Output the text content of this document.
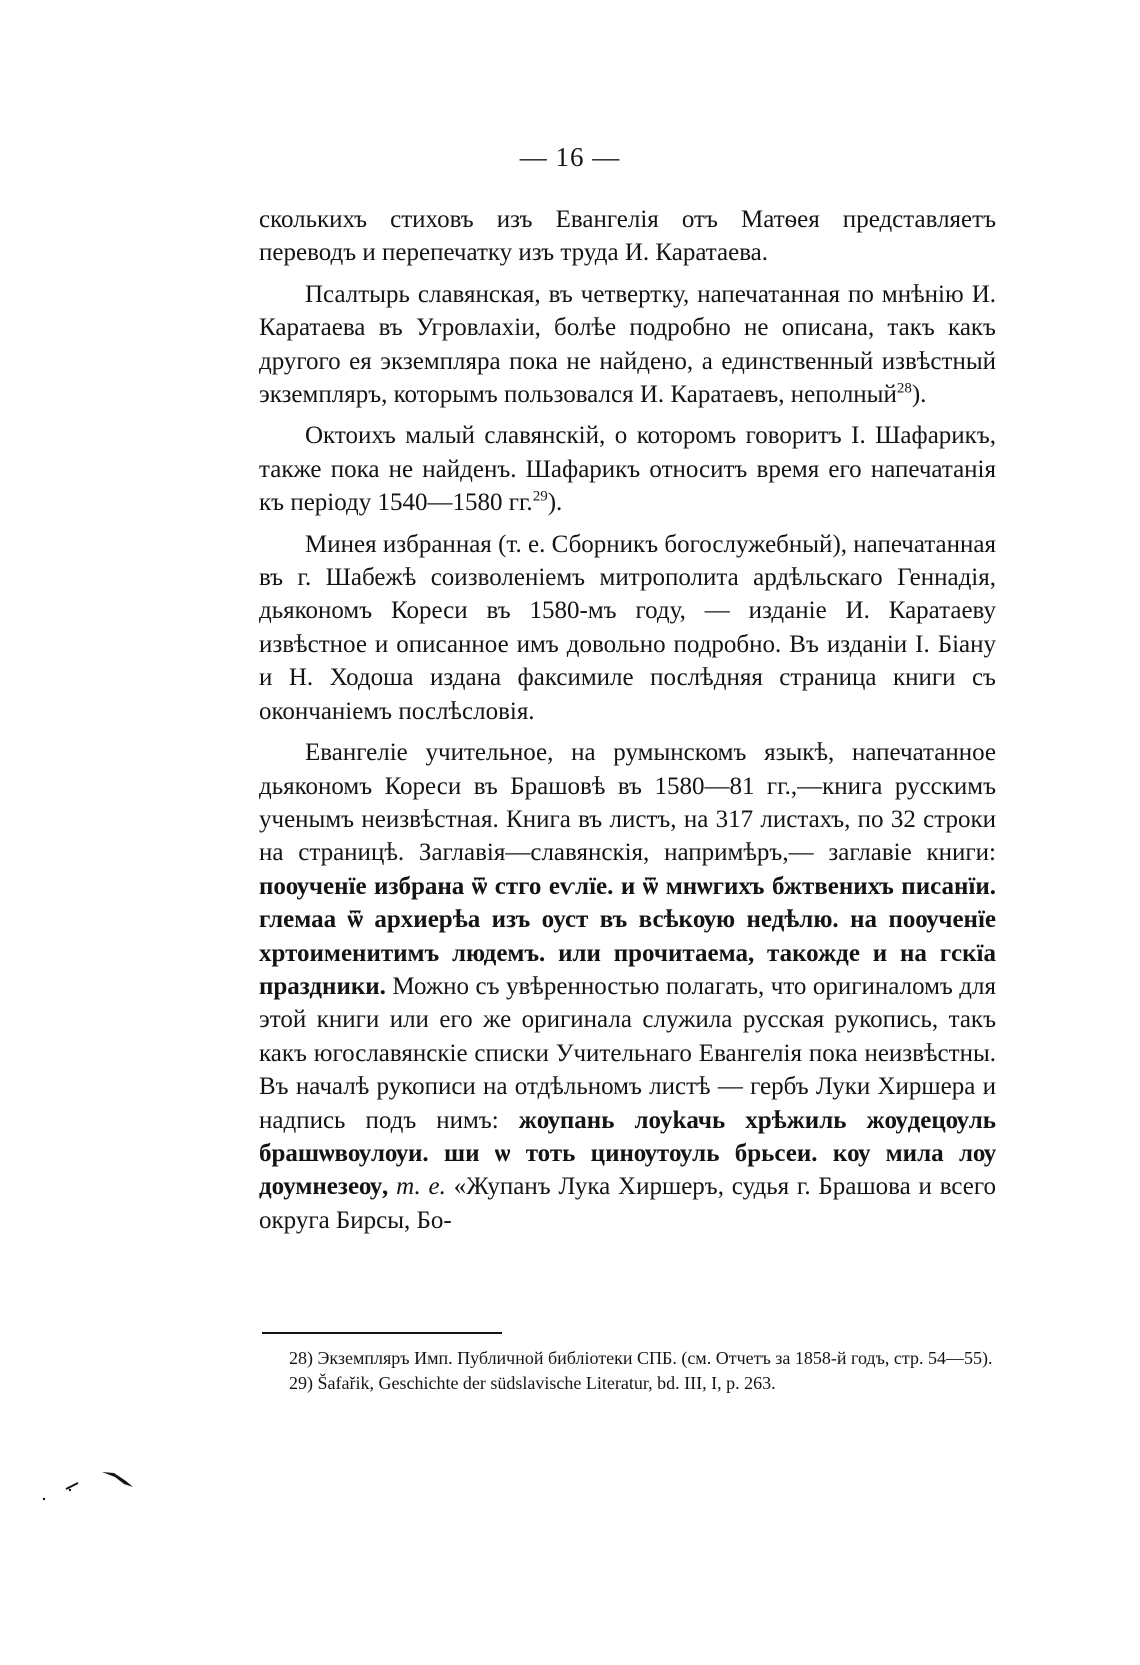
— 16 —

сколькихъ стиховъ изъ Евангелія отъ Матѳея представляетъ переводъ и перепечатку изъ труда И. Каратаева.

Псалтырь славянская, въ четвертку, напечатанная по мнѣнію И. Каратаева въ Угровлахіи, болѣе подробно не описана, такъ какъ другого ея экземпляра пока не найдено, а единственный извѣстный экземпляръ, которымъ пользовался И. Каратаевъ, неполный$^{28}$).

Октоихъ малый славянскій, о которомъ говоритъ I. Шафарикъ, также пока не найденъ. Шафарикъ относитъ время его напечатанія къ періоду 1540—1580 гг.$^{29}$).

Минея избранная (т. е. Сборникъ богослужебный), напечатанная въ г. Шабежѣ соизволеніемъ митрополита ардѣльскаго Геннадія, дьякономъ Кореси въ 1580-мъ году, — изданіе И. Каратаеву извѣстное и описанное имъ довольно подробно. Въ изданіи I. Біану и Н. Ходоша издана факсимиле послѣдняя страница книги съ окончаніемъ послѣсловія.

Евангеліе учительное, на румынскомъ языкѣ, напечатанное дьякономъ Кореси въ Брашовѣ въ 1580—81 гг.,—книга русскимъ ученымъ неизвѣстная. Книга въ листъ, на 317 листахъ, по 32 строки на страницѣ. Заглавія—славянскія, напримѣръ,— заглавіе книги: поѹченїе избрана ѿ стго еѵлїе. и ѿ мнѡгихъ бжтвенихъ писанїи. глемаа ѿ архиерѣа изъ оуст въ всѣкѹю недѣлю. на поѹченїе хртоименитимъ людемъ. или прочитаема, такожде и на гскїа праздники. Можно съ увѣренностью полагать, что оригиналомъ для этой книги или его же оригинала служила русская рукопись, такъ какъ югославянскіе списки Учительнаго Евангелія пока неизвѣстны. Въ началѣ рукописи на отдѣльномъ листѣ — гербъ Луки Хиршера и надпись подъ нимъ: жѹпань лоуkачь хрѣжиль жѹдецѹль брашѡвѹлѹи. ши ѡ тоть цинѹтѹль брьсеи. кѹ мила лѹ доумнезеѹ, т. е. «Жупанъ Лука Хиршеръ, судья г. Брашова и всего округа Бирсы, Бо-

28) Экземпляръ Имп. Публичной библіотеки СПБ. (см. Отчетъ за 1858-й годъ, стр. 54—55).

29) Šafařik, Geschichte der südslavische Literatur, bd. III, I, p. 263.
